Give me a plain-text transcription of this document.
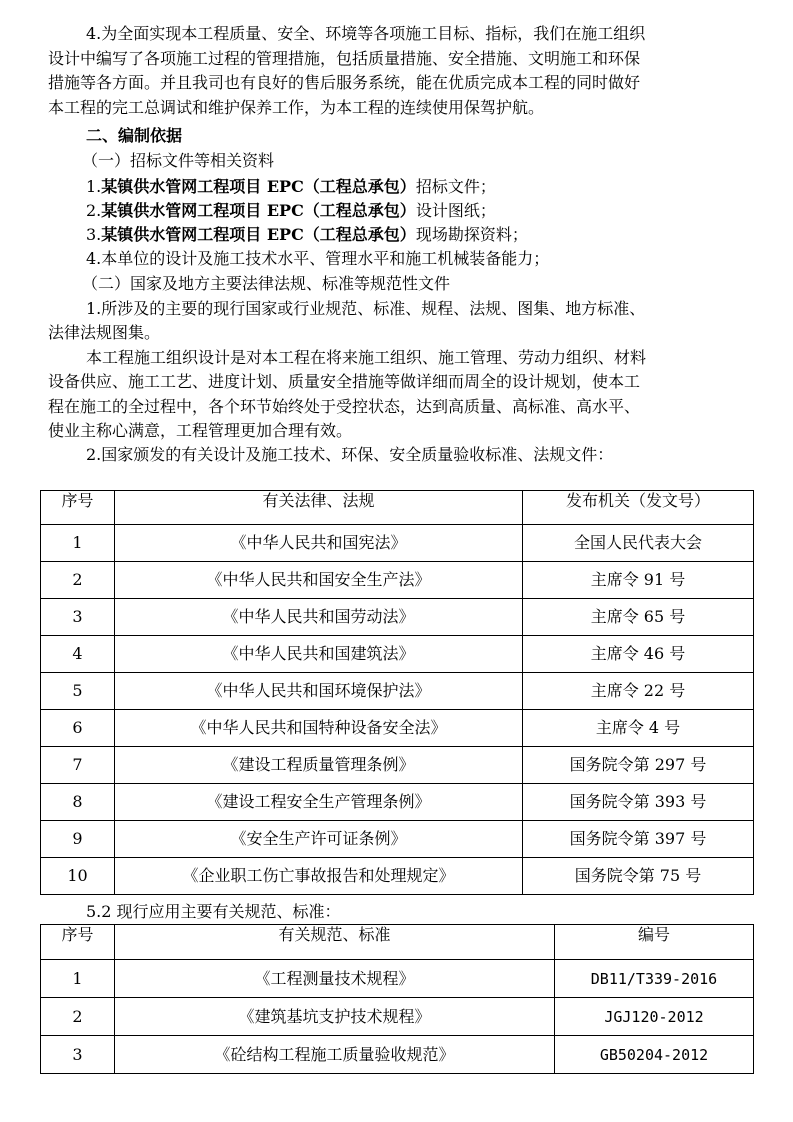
4.为全面实现本工程质量、安全、环境等各项施工目标、指标，我们在施工组织
设计中编写了各项施工过程的管理措施，包括质量措施、安全措施、文明施工和环保
措施等各方面。并且我司也有良好的售后服务系统，能在优质完成本工程的同时做好
本工程的完工总调试和维护保养工作，为本工程的连续使用保驾护航。
二、编制依据
（一）招标文件等相关资料
1.某镇供水管网工程项目 EPC（工程总承包）招标文件；
2.某镇供水管网工程项目 EPC（工程总承包）设计图纸；
3.某镇供水管网工程项目 EPC（工程总承包）现场勘探资料；
4.本单位的设计及施工技术水平、管理水平和施工机械装备能力；
（二）国家及地方主要法律法规、标准等规范性文件
1.所涉及的主要的现行国家或行业规范、标准、规程、法规、图集、地方标准、
法律法规图集。
本工程施工组织设计是对本工程在将来施工组织、施工管理、劳动力组织、材料
设备供应、施工工艺、进度计划、质量安全措施等做详细而周全的设计规划，使本工
程在施工的全过程中，各个环节始终处于受控状态，达到高质量、高标准、高水平、
使业主称心满意，工程管理更加合理有效。
2.国家颁发的有关设计及施工技术、环保、安全质量验收标准、法规文件：
序号	有关法律、法规	发布机关（发文号）
1	《中华人民共和国宪法》	全国人民代表大会
2	《中华人民共和国安全生产法》	主席令 91 号
3	《中华人民共和国劳动法》	主席令 65 号
4	《中华人民共和国建筑法》	主席令 46 号
5	《中华人民共和国环境保护法》	主席令 22 号
6	《中华人民共和国特种设备安全法》	主席令 4 号
7	《建设工程质量管理条例》	国务院令第 297 号
8	《建设工程安全生产管理条例》	国务院令第 393 号
9	《安全生产许可证条例》	国务院令第 397 号
10	《企业职工伤亡事故报告和处理规定》	国务院令第 75 号
5.2 现行应用主要有关规范、标准：
序号	有关规范、标准	编号
1	《工程测量技术规程》	DB11/T339-2016
2	《建筑基坑支护技术规程》	JGJ120-2012
3	《砼结构工程施工质量验收规范》	GB50204-2012
